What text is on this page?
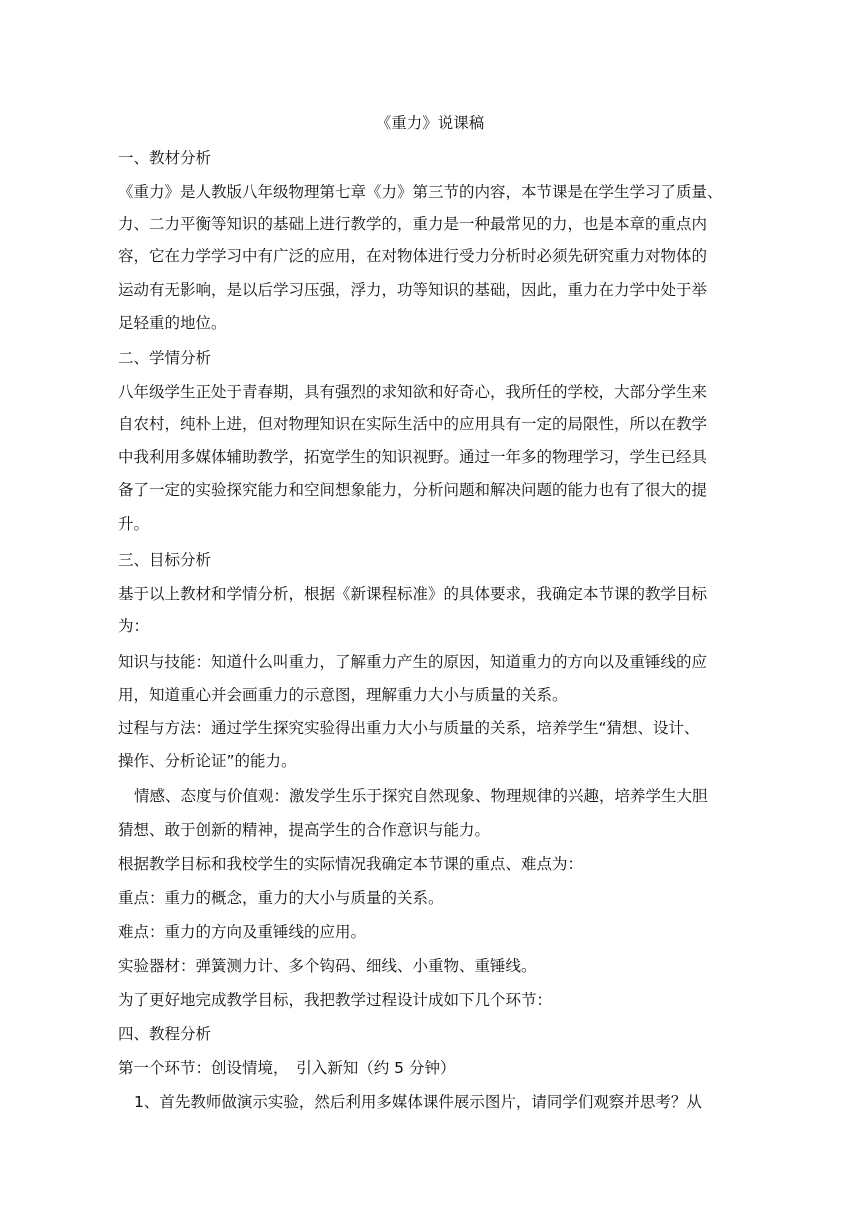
《重力》说课稿
一、教材分析
《重力》是人教版八年级物理第七章《力》第三节的内容，本节课是在学生学习了质量、
力、二力平衡等知识的基础上进行教学的，重力是一种最常见的力，也是本章的重点内
容，它在力学学习中有广泛的应用，在对物体进行受力分析时必须先研究重力对物体的
运动有无影响，是以后学习压强，浮力，功等知识的基础，因此，重力在力学中处于举
足轻重的地位。
二、学情分析
八年级学生正处于青春期，具有强烈的求知欲和好奇心，我所任的学校，大部分学生来
自农村，纯朴上进，但对物理知识在实际生活中的应用具有一定的局限性，所以在教学
中我利用多媒体辅助教学，拓宽学生的知识视野。通过一年多的物理学习，学生已经具
备了一定的实验探究能力和空间想象能力，分析问题和解决问题的能力也有了很大的提
升。
三、目标分析
基于以上教材和学情分析，根据《新课程标准》的具体要求，我确定本节课的教学目标
为：
知识与技能：知道什么叫重力，了解重力产生的原因，知道重力的方向以及重锤线的应
用，知道重心并会画重力的示意图，理解重力大小与质量的关系。
过程与方法：通过学生探究实验得出重力大小与质量的关系，培养学生“猜想、设计、
操作、分析论证”的能力。
情感、态度与价值观：激发学生乐于探究自然现象、物理规律的兴趣，培养学生大胆
猜想、敢于创新的精神，提高学生的合作意识与能力。
根据教学目标和我校学生的实际情况我确定本节课的重点、难点为：
重点：重力的概念，重力的大小与质量的关系。
难点：重力的方向及重锤线的应用。
实验器材：弹簧测力计、多个钩码、细线、小重物、重锤线。
为了更好地完成教学目标，我把教学过程设计成如下几个环节：
四、教程分析
第一个环节：创设情境，　引入新知（约 5 分钟）
1、首先教师做演示实验，然后利用多媒体课件展示图片，请同学们观察并思考？从
